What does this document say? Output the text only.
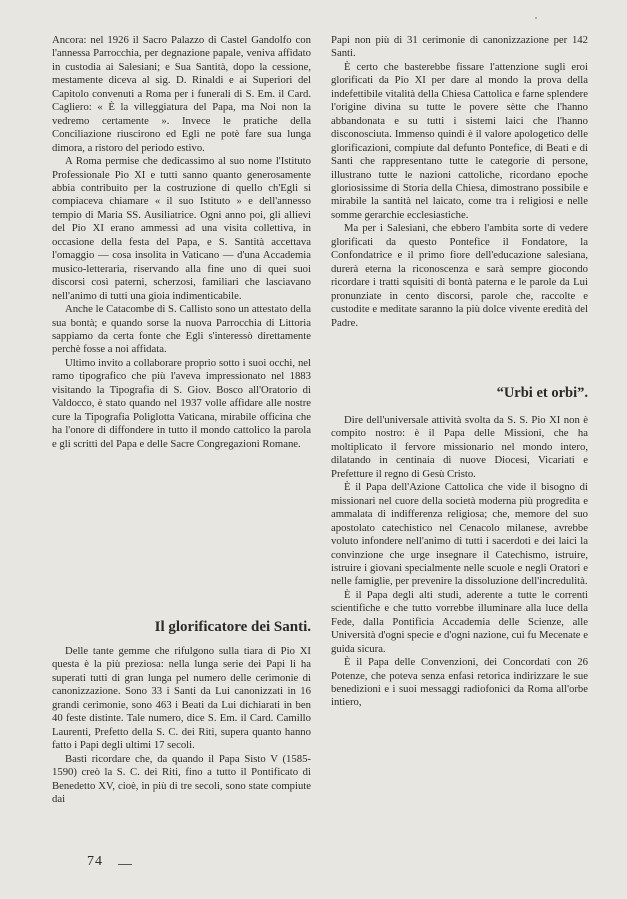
Ancora: nel 1926 il Sacro Palazzo di Castel Gandolfo con l'annessa Parrocchia, per degnazione papale, veniva affidato in custodia ai Salesiani; e Sua Santità, dopo la cessione, mestamente diceva al sig. D. Rinaldi e ai Superiori del Capitolo convenuti a Roma per i funerali di S. Em. il Card. Cagliero: « È la villeggiatura del Papa, ma Noi non la vedremo certamente ». Invece le pratiche della Conciliazione riuscirono ed Egli ne potè fare sua lunga dimora, a ristoro del periodo estivo.

A Roma permise che dedicassimo al suo nome l'Istituto Professionale Pio XI e tutti sanno quanto generosamente abbia contribuito per la costruzione di quello ch'Egli si compiaceva chiamare « il suo Istituto » e dell'annesso tempio di Maria SS. Ausiliatrice. Ogni anno poi, gli allievi del Pio XI erano ammessi ad una visita collettiva, in occasione della festa del Papa, e S. Santità accettava l'omaggio — cosa insolita in Vaticano — d'una Accademia musico-letteraria, riservando alla fine uno di quei suoi discorsi così paterni, scherzosi, familiari che lasciavano nell'animo di tutti una gioia indimenticabile.

Anche le Catacombe di S. Callisto sono un attestato della sua bontà; e quando sorse la nuova Parrocchia di Littoria sappiamo da certa fonte che Egli s'interessò direttamente perchè fosse a noi affidata.

Ultimo invito a collaborare proprio sotto i suoi occhi, nel ramo tipografico che più l'aveva impressionato nel 1883 visitando la Tipografia di S. Giov. Bosco all'Oratorio di Valdocco, è stato quando nel 1937 volle affidare alle nostre cure la Tipografia Poliglotta Vaticana, mirabile officina che ha l'onore di diffondere in tutto il mondo cattolico la parola e gli scritti del Papa e delle Sacre Congregazioni Romane.

Il glorificatore dei Santi.

Delle tante gemme che rifulgono sulla tiara di Pio XI questa è la più preziosa: nella lunga serie dei Papi li ha superati tutti di gran lunga pel numero delle cerimonie di canonizzazione. Sono 33 i Santi da Lui canonizzati in 16 grandi cerimonie, sono 463 i Beati da Lui dichiarati in ben 40 feste distinte. Tale numero, dice S. Em. il Card. Camillo Laurenti, Prefetto della S. C. dei Riti, supera quanto hanno fatto i Papi degli ultimi 17 secoli.

Basti ricordare che, da quando il Papa Sisto V (1585-1590) creò la S. C. dei Riti, fino a tutto il Pontificato di Benedetto XV, cioè, in più di tre secoli, sono state compiute dai

Papi non più di 31 cerimonie di canonizzazione per 142 Santi.

È certo che basterebbe fissare l'attenzione sugli eroi glorificati da Pio XI per dare al mondo la prova della indefettibile vitalità della Chiesa Cattolica e farne splendere l'origine divina su tutte le povere sètte che l'hanno abbandonata e su tutti i sistemi laici che l'hanno disconosciuta. Immenso quindi è il valore apologetico delle glorificazioni, compiute dal defunto Pontefice, di Beati e di Santi che rappresentano tutte le categorie di persone, illustrano tutte le nazioni cattoliche, ricordano epoche gloriosissime di Storia della Chiesa, dimostrano possibile e mirabile la santità nel laicato, come tra i religiosi e nelle somme gerarchie ecclesiastiche.

Ma per i Salesiani, che ebbero l'ambita sorte di vedere glorificati da questo Pontefice il Fondatore, la Confondatrice e il primo fiore dell'educazione salesiana, durerà eterna la riconoscenza e sarà sempre giocondo ricordare i tratti squisiti di bontà paterna e le parole da Lui pronunziate in cento discorsi, parole che, raccolte e custodite e meditate saranno la più dolce vivente eredità del Padre.

“Urbi et orbi”.

Dire dell'universale attività svolta da S. S. Pio XI non è compito nostro: è il Papa delle Missioni, che ha moltiplicato il fervore missionario nel mondo intero, dilatando in centinaia di nuove Diocesi, Vicariati e Prefetture il regno di Gesù Cristo.

È il Papa dell'Azione Cattolica che vide il bisogno di missionari nel cuore della società moderna più progredita e ammalata di indifferenza religiosa; che, memore del suo apostolato catechistico nel Cenacolo milanese, avrebbe voluto infondere nell'animo di tutti i sacerdoti e dei laici la convinzione che urge insegnare il Catechismo, istruire, istruire i giovani specialmente nelle scuole e negli Oratori e nelle famiglie, per prevenire la dissoluzione dell'incredulità.

È il Papa degli alti studi, aderente a tutte le correnti scientifiche e che tutto vorrebbe illuminare alla luce della Fede, dalla Pontificia Accademia delle Scienze, alle Università d'ogni specie e d'ogni nazione, cui fu Mecenate e guida sicura.

È il Papa delle Convenzioni, dei Concordati con 26 Potenze, che poteva senza enfasi retorica indirizzare le sue benedizioni e i suoi messaggi radiofonici da Roma all'orbe intiero,

74
